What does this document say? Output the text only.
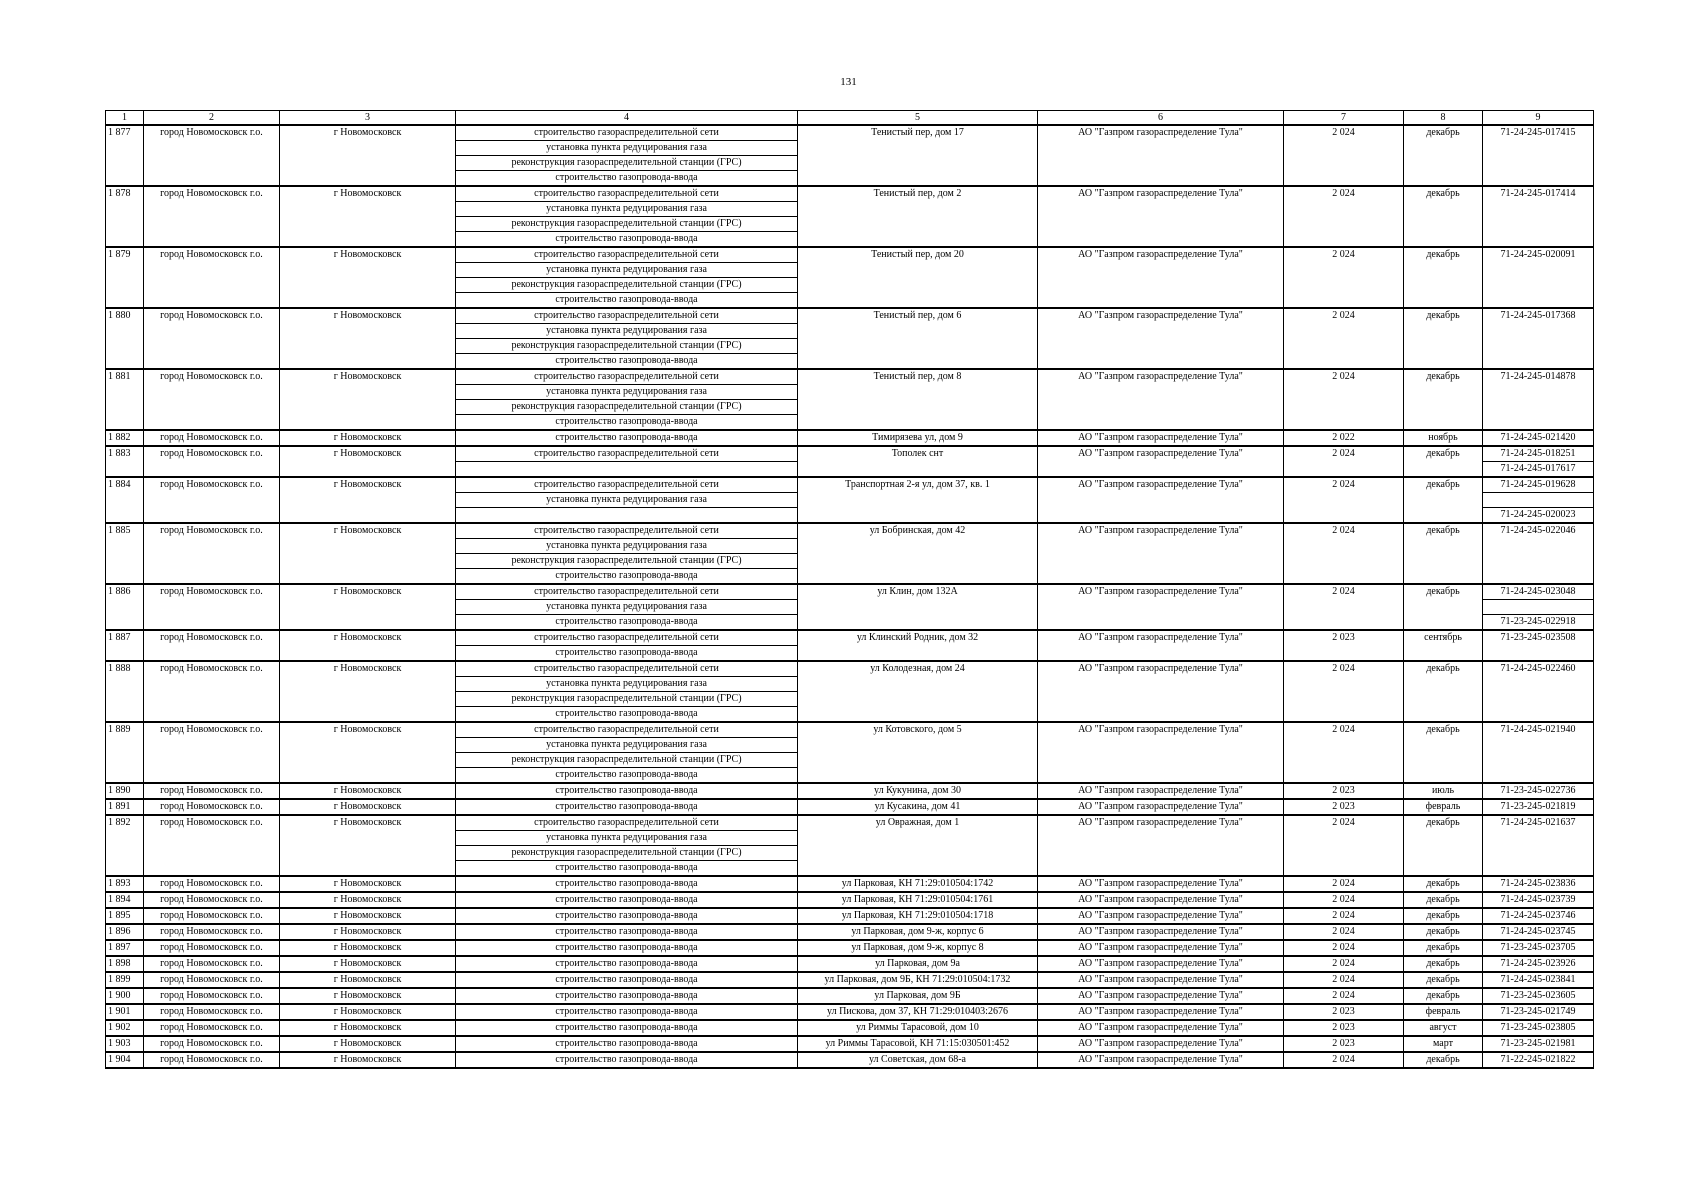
131
1	2	3	4	5	6	7	8	9
1 877	город Новомосковск г.о.	г Новомосковск	строительство газораспределительной сети	Тенистый пер, дом 17	АО "Газпром газораспределение Тула"	2 024	декабрь	71-24-245-017415
			установка пункта редуцирования газа					
			реконструкция газораспределительной станции (ГРС)					
			строительство газопровода-ввода					
1 878	город Новомосковск г.о.	г Новомосковск	строительство газораспределительной сети	Тенистый пер, дом 2	АО "Газпром газораспределение Тула"	2 024	декабрь	71-24-245-017414
			установка пункта редуцирования газа					
			реконструкция газораспределительной станции (ГРС)					
			строительство газопровода-ввода					
1 879	город Новомосковск г.о.	г Новомосковск	строительство газораспределительной сети	Тенистый пер, дом 20	АО "Газпром газораспределение Тула"	2 024	декабрь	71-24-245-020091
			установка пункта редуцирования газа					
			реконструкция газораспределительной станции (ГРС)					
			строительство газопровода-ввода					
1 880	город Новомосковск г.о.	г Новомосковск	строительство газораспределительной сети	Тенистый пер, дом 6	АО "Газпром газораспределение Тула"	2 024	декабрь	71-24-245-017368
			установка пункта редуцирования газа					
			реконструкция газораспределительной станции (ГРС)					
			строительство газопровода-ввода					
1 881	город Новомосковск г.о.	г Новомосковск	строительство газораспределительной сети	Тенистый пер, дом 8	АО "Газпром газораспределение Тула"	2 024	декабрь	71-24-245-014878
			установка пункта редуцирования газа					
			реконструкция газораспределительной станции (ГРС)					
			строительство газопровода-ввода					
1 882	город Новомосковск г.о.	г Новомосковск	строительство газопровода-ввода	Тимирязева ул, дом 9	АО "Газпром газораспределение Тула"	2 022	ноябрь	71-24-245-021420
1 883	город Новомосковск г.о.	г Новомосковск	строительство газораспределительной сети	Тополек снт	АО "Газпром газораспределение Тула"	2 024	декабрь	71-24-245-018251
								71-24-245-017617
1 884	город Новомосковск г.о.	г Новомосковск	строительство газораспределительной сети	Транспортная 2-я ул, дом 37, кв. 1	АО "Газпром газораспределение Тула"	2 024	декабрь	71-24-245-019628
			установка пункта редуцирования газа					
								71-24-245-020023
1 885	город Новомосковск г.о.	г Новомосковск	строительство газораспределительной сети	ул Бобринская, дом 42	АО "Газпром газораспределение Тула"	2 024	декабрь	71-24-245-022046
			установка пункта редуцирования газа					
			реконструкция газораспределительной станции (ГРС)					
			строительство газопровода-ввода					
1 886	город Новомосковск г.о.	г Новомосковск	строительство газораспределительной сети	ул Клин, дом 132А	АО "Газпром газораспределение Тула"	2 024	декабрь	71-24-245-023048
			установка пункта редуцирования газа					
			строительство газопровода-ввода					71-23-245-022918
1 887	город Новомосковск г.о.	г Новомосковск	строительство газораспределительной сети	ул Клинский Родник, дом 32	АО "Газпром газораспределение Тула"	2 023	сентябрь	71-23-245-023508
			строительство газопровода-ввода					
1 888	город Новомосковск г.о.	г Новомосковск	строительство газораспределительной сети	ул Колодезная, дом 24	АО "Газпром газораспределение Тула"	2 024	декабрь	71-24-245-022460
			установка пункта редуцирования газа					
			реконструкция газораспределительной станции (ГРС)					
			строительство газопровода-ввода					
1 889	город Новомосковск г.о.	г Новомосковск	строительство газораспределительной сети	ул Котовского, дом 5	АО "Газпром газораспределение Тула"	2 024	декабрь	71-24-245-021940
			установка пункта редуцирования газа					
			реконструкция газораспределительной станции (ГРС)					
			строительство газопровода-ввода					
1 890	город Новомосковск г.о.	г Новомосковск	строительство газопровода-ввода	ул Кукунина, дом 30	АО "Газпром газораспределение Тула"	2 023	июль	71-23-245-022736
1 891	город Новомосковск г.о.	г Новомосковск	строительство газопровода-ввода	ул Кусакина, дом 41	АО "Газпром газораспределение Тула"	2 023	февраль	71-23-245-021819
1 892	город Новомосковск г.о.	г Новомосковск	строительство газораспределительной сети	ул Овражная, дом 1	АО "Газпром газораспределение Тула"	2 024	декабрь	71-24-245-021637
			установка пункта редуцирования газа					
			реконструкция газораспределительной станции (ГРС)					
			строительство газопровода-ввода					
1 893	город Новомосковск г.о.	г Новомосковск	строительство газопровода-ввода	ул Парковая, КН 71:29:010504:1742	АО "Газпром газораспределение Тула"	2 024	декабрь	71-24-245-023836
1 894	город Новомосковск г.о.	г Новомосковск	строительство газопровода-ввода	ул Парковая, КН 71:29:010504:1761	АО "Газпром газораспределение Тула"	2 024	декабрь	71-24-245-023739
1 895	город Новомосковск г.о.	г Новомосковск	строительство газопровода-ввода	ул Парковая, КН 71:29:010504:1718	АО "Газпром газораспределение Тула"	2 024	декабрь	71-24-245-023746
1 896	город Новомосковск г.о.	г Новомосковск	строительство газопровода-ввода	ул Парковая, дом 9-ж, корпус 6	АО "Газпром газораспределение Тула"	2 024	декабрь	71-24-245-023745
1 897	город Новомосковск г.о.	г Новомосковск	строительство газопровода-ввода	ул Парковая, дом 9-ж, корпус 8	АО "Газпром газораспределение Тула"	2 024	декабрь	71-23-245-023705
1 898	город Новомосковск г.о.	г Новомосковск	строительство газопровода-ввода	ул Парковая, дом 9а	АО "Газпром газораспределение Тула"	2 024	декабрь	71-24-245-023926
1 899	город Новомосковск г.о.	г Новомосковск	строительство газопровода-ввода	ул Парковая, дом 9Б, КН 71:29:010504:1732	АО "Газпром газораспределение Тула"	2 024	декабрь	71-24-245-023841
1 900	город Новомосковск г.о.	г Новомосковск	строительство газопровода-ввода	ул Парковая, дом 9Б	АО "Газпром газораспределение Тула"	2 024	декабрь	71-23-245-023605
1 901	город Новомосковск г.о.	г Новомосковск	строительство газопровода-ввода	ул Пискова, дом 37, КН 71:29:010403:2676	АО "Газпром газораспределение Тула"	2 023	февраль	71-23-245-021749
1 902	город Новомосковск г.о.	г Новомосковск	строительство газопровода-ввода	ул Риммы Тарасовой, дом 10	АО "Газпром газораспределение Тула"	2 023	август	71-23-245-023805
1 903	город Новомосковск г.о.	г Новомосковск	строительство газопровода-ввода	ул Риммы Тарасовой, КН 71:15:030501:452	АО "Газпром газораспределение Тула"	2 023	март	71-23-245-021981
1 904	город Новомосковск г.о.	г Новомосковск	строительство газопровода-ввода	ул Советская, дом 68-а	АО "Газпром газораспределение Тула"	2 024	декабрь	71-22-245-021822
